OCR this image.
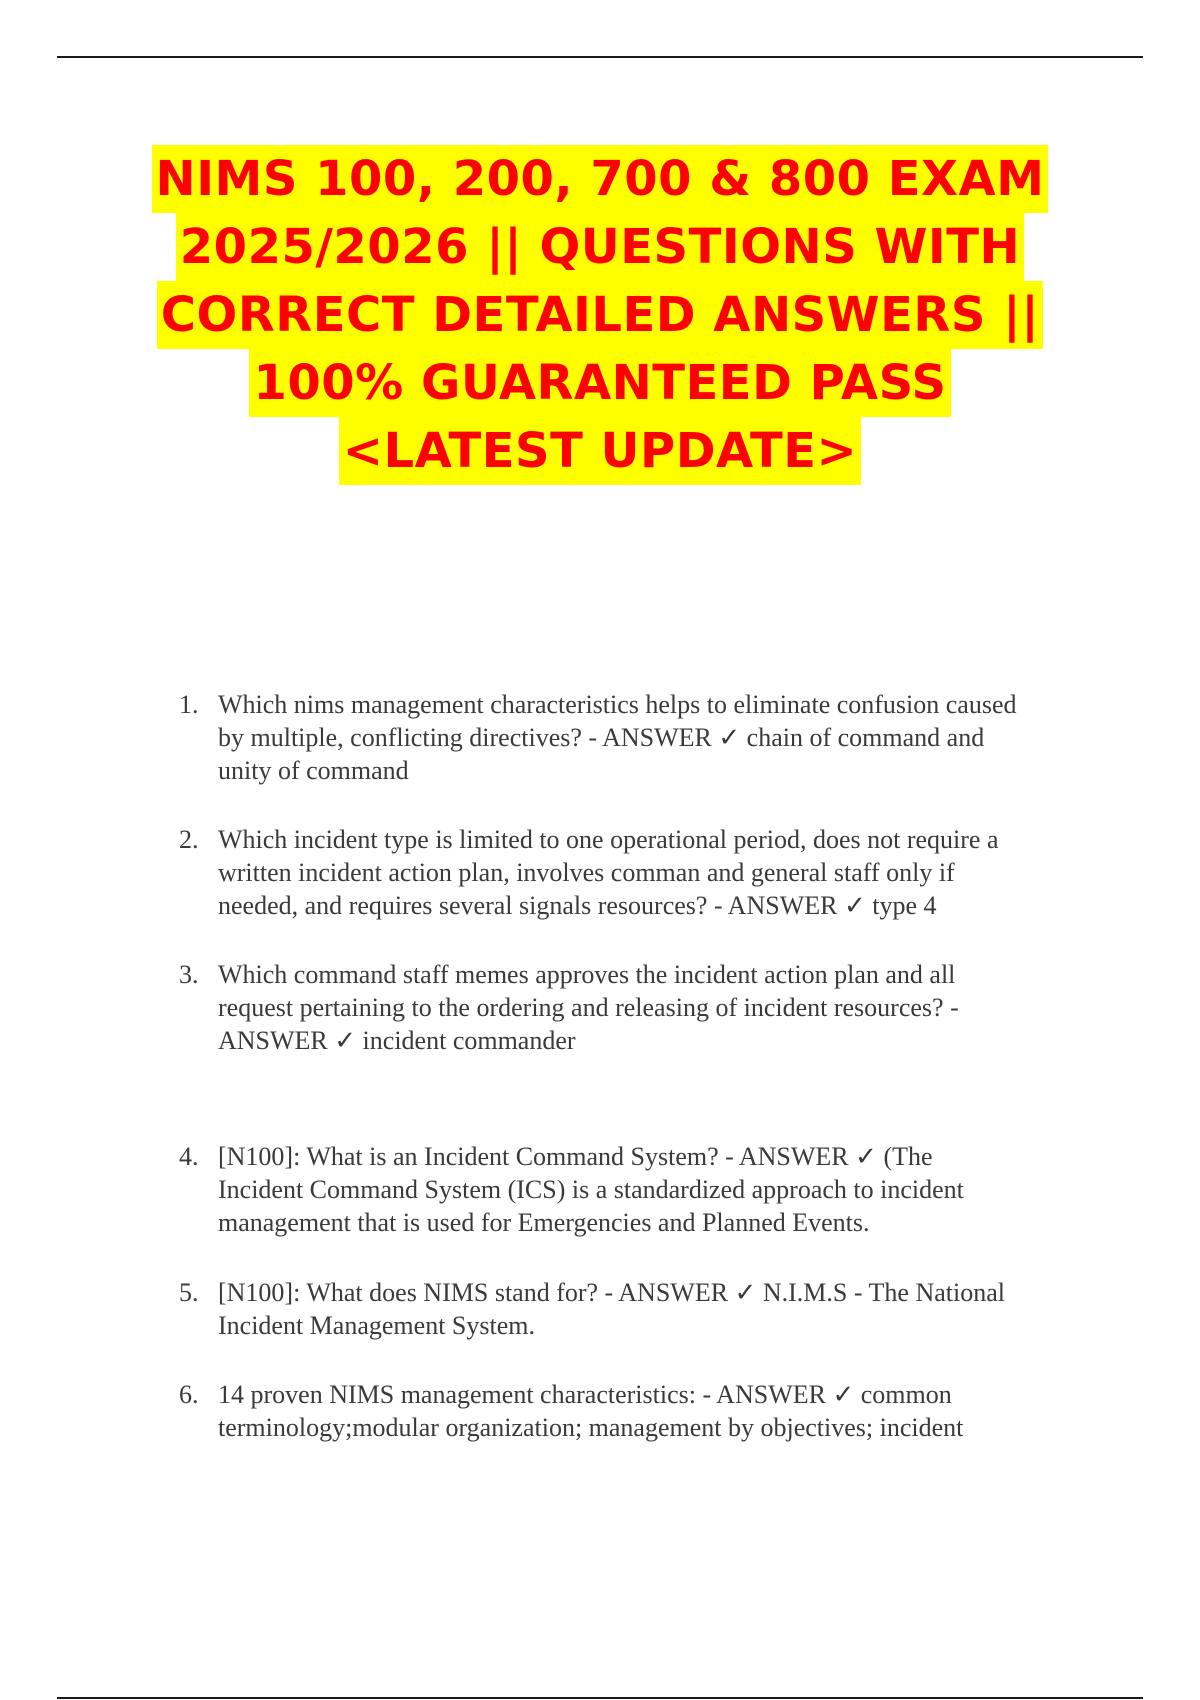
NIMS 100, 200, 700 & 800 EXAM
2025/2026 || QUESTIONS WITH
CORRECT DETAILED ANSWERS ||
100% GUARANTEED PASS
<LATEST UPDATE>
1. Which nims management characteristics helps to eliminate confusion caused
by multiple, conflicting directives? - ANSWER ✓ chain of command and
unity of command
2. Which incident type is limited to one operational period, does not require a
written incident action plan, involves comman and general staff only if
needed, and requires several signals resources? - ANSWER ✓ type 4
3. Which command staff memes approves the incident action plan and all
request pertaining to the ordering and releasing of incident resources? -
ANSWER ✓ incident commander
4. [N100]: What is an Incident Command System? - ANSWER ✓ (The
Incident Command System (ICS) is a standardized approach to incident
management that is used for Emergencies and Planned Events.
5. [N100]: What does NIMS stand for? - ANSWER ✓ N.I.M.S - The National
Incident Management System.
6. 14 proven NIMS management characteristics: - ANSWER ✓ common
terminology;modular organization; management by objectives; incident
